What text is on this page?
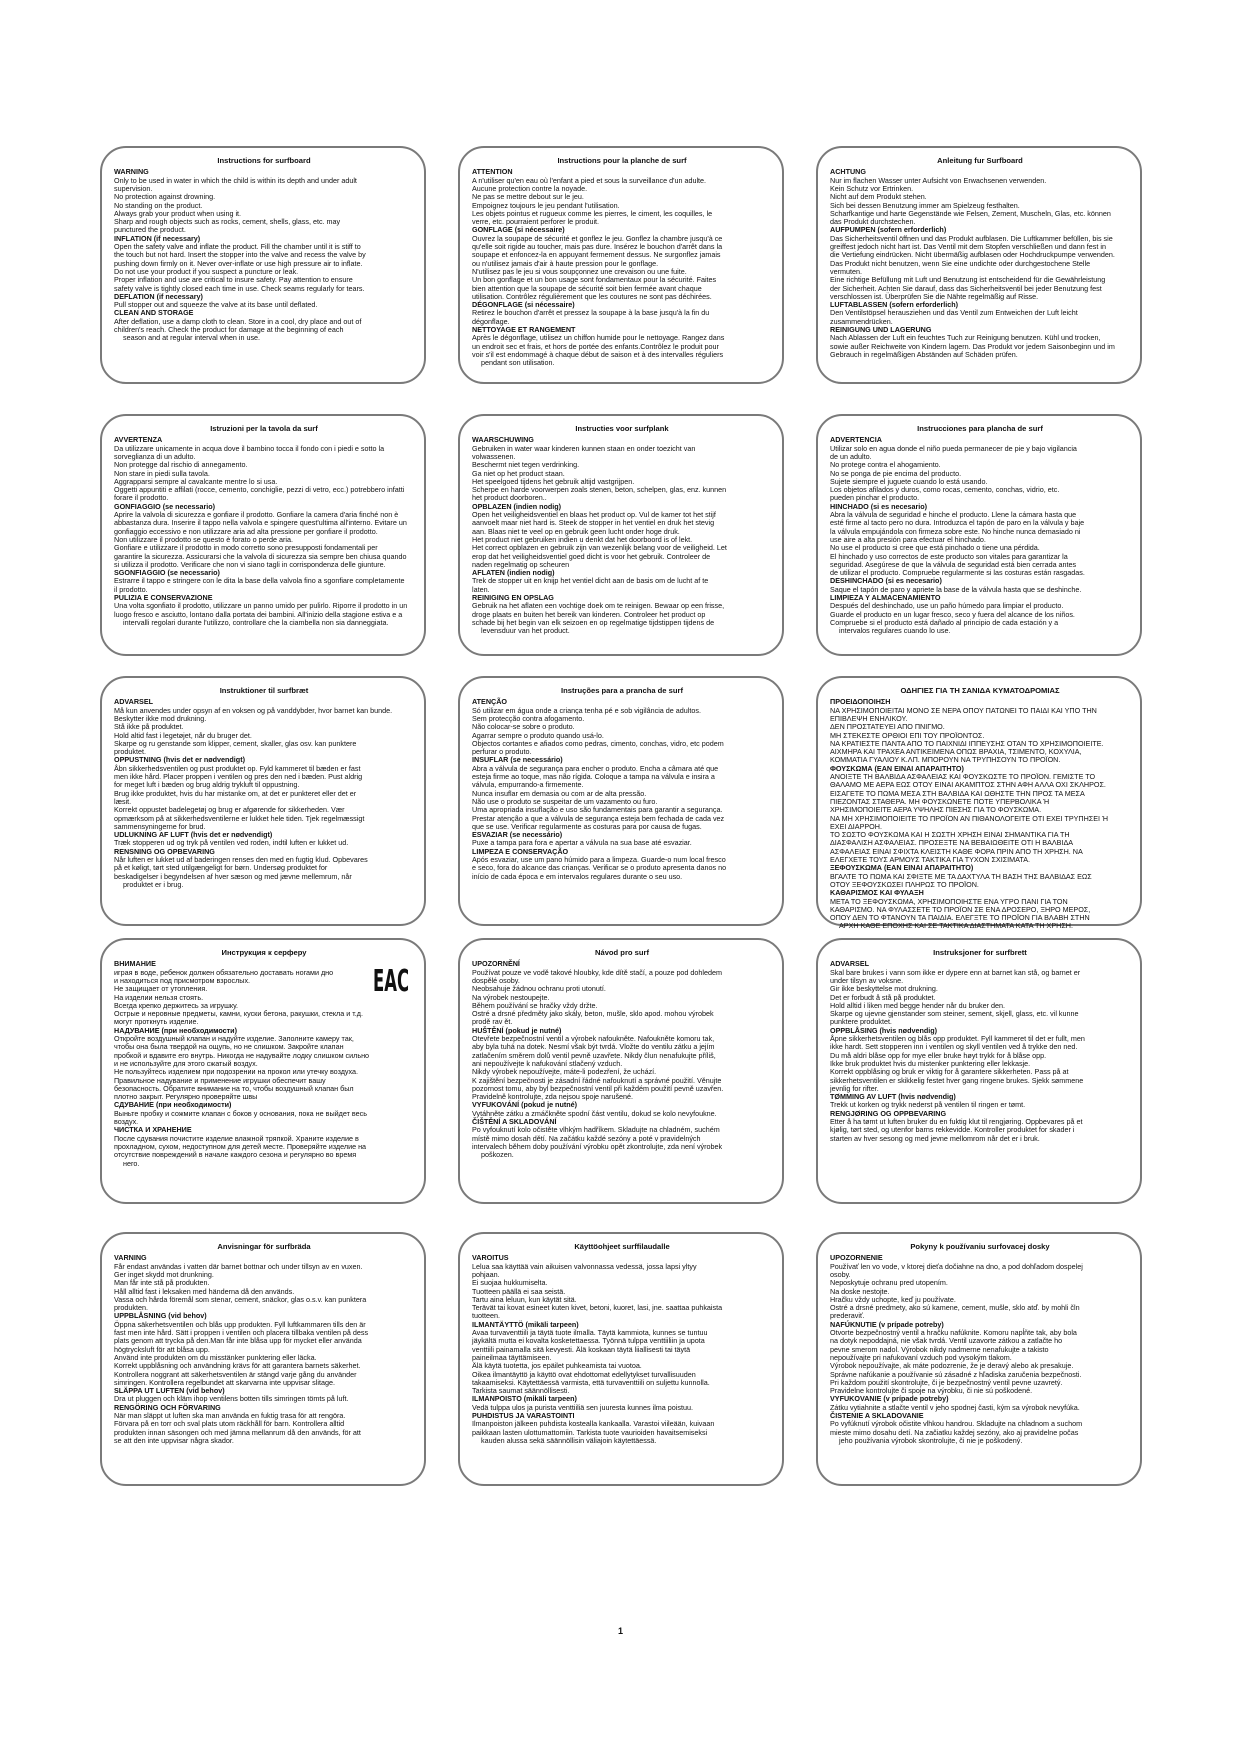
Instructions for surfboard
WARNING
Only to be used in water in which the child is within its depth and under adult
supervision.
No protection against drowning.
No standing on the product.
Always grab your product when using it.
Sharp and rough objects such as rocks, cement, shells, glass, etc. may
punctured the product.
INFLATION (if necessary)
Open the safety valve and inflate the product. Fill the chamber until it is stiff to
the touch but not hard. Insert the stopper into the valve and recess the valve by
pushing down firmly on it. Never over-inflate or use high pressure air to inflate.
Do not use your product if you suspect a puncture or leak.
Proper inflation and use are critical to insure safety. Pay attention to ensure
safety valve is tightly closed each time in use. Check seams regularly for tears.
DEFLATION (if necessary)
Pull stopper out and squeeze the valve at its base until deflated.
CLEAN AND STORAGE
After deflation, use a damp cloth to clean. Store in a cool, dry place and out of
children's reach. Check the product for damage at the beginning of each
season and at regular interval when in use.
Instructions pour la planche de surf
ATTENTION
A n'utiliser qu'en eau où l'enfant a pied et sous la surveillance d'un adulte.
Aucune protection contre la noyade.
Ne pas se mettre debout sur le jeu.
Empoignez toujours le jeu pendant l'utilisation.
Les objets pointus et rugueux comme les pierres, le ciment, les coquilles, le
verre, etc. pourraient perforer le produit.
GONFLAGE (si nécessaire)
Ouvrez la soupape de sécurité et gonflez le jeu. Gonflez la chambre jusqu'à ce
qu'elle soit rigide au toucher, mais pas dure. Insérez le bouchon d'arrêt dans la
soupape et enfoncez-la en appuyant fermement dessus. Ne surgonflez jamais
ou n'utilisez jamais d'air à haute pression pour le gonflage.
N'utilisez pas le jeu si vous soupçonnez une crevaison ou une fuite.
Un bon gonflage et un bon usage sont fondamentaux pour la sécurité. Faites
bien attention que la soupape de sécurité soit bien fermée avant chaque
utilisation. Contrôlez régulièrement que les coutures ne sont pas déchirées.
DÉGONFLAGE (si nécessaire)
Retirez le bouchon d'arrêt et pressez la soupape à la base jusqu'à la fin du
dégonflage.
NETTOYAGE ET RANGEMENT
Après le dégonflage, utilisez un chiffon humide pour le nettoyage. Rangez dans
un endroit sec et frais, et hors de portée des enfants.Contrôlez le produit pour
voir s'il est endommagé à chaque début de saison et à des intervalles réguliers
pendant son utilisation.
Anleitung fur Surfboard
ACHTUNG
Nur im flachen Wasser unter Aufsicht von Erwachsenen verwenden.
Kein Schutz vor Ertrinken.
Nicht auf dem Produkt stehen.
Sich bei dessen Benutzung immer am Spielzeug festhalten.
Scharfkantige und harte Gegenstände wie Felsen, Zement, Muscheln, Glas, etc. können
das Produkt durchstechen.
AUFPUMPEN (sofern erforderlich)
Das Sicherheitsventil öffnen und das Produkt aufblasen. Die Luftkammer befüllen, bis sie
greiffest jedoch nicht hart ist. Das Ventil mit dem Stopfen verschließen und dann fest in
die Vertiefung eindrücken. Nicht übermäßig aufblasen oder Hochdruckpumpe verwenden.
Das Produkt nicht benutzen, wenn Sie eine undichte oder durchgestochene Stelle
vermuten.
Eine richtige Befüllung mit Luft und Benutzung ist entscheidend für die Gewährleistung
der Sicherheit. Achten Sie darauf, dass das Sicherheitsventil bei jeder Benutzung fest
verschlossen ist. Überprüfen Sie die Nähte regelmäßig auf Risse.
LUFTABLASSEN (sofern erforderlich)
Den Ventilstöpsel herausziehen und das Ventil zum Entweichen der Luft leicht
zusammendrücken.
REINIGUNG UND LAGERUNG
Nach Ablassen der Luft ein feuchtes Tuch zur Reinigung benutzen. Kühl und trocken,
sowie außer Reichweite von Kindern lagern. Das Produkt vor jedem Saisonbeginn und im
Gebrauch in regelmäßigen Abständen auf Schäden prüfen.
Istruzioni per la tavola da surf
AVVERTENZA
Da utilizzare unicamente in acqua dove il bambino tocca il fondo con i piedi e sotto la
sorveglianza di un adulto.
Non protegge dal rischio di annegamento.
Non stare in piedi sulla tavola.
Aggrapparsi sempre al cavalcante mentre lo si usa.
Oggetti appuntiti e affilati (rocce, cemento, conchiglie, pezzi di vetro, ecc.) potrebbero infatti
forare il prodotto.
GONFIAGGIO (se necessario)
Aprire la valvola di sicurezza e gonfiare il prodotto. Gonfiare la camera d'aria finché non è
abbastanza dura. Inserire il tappo nella valvola e spingere quest'ultima all'interno. Evitare un
gonfiaggio eccessivo e non utilizzare aria ad alta pressione per gonfiare il prodotto.
Non utilizzare il prodotto se questo è forato o perde aria.
Gonfiare e utilizzare il prodotto in modo corretto sono presupposti fondamentali per
garantire la sicurezza. Assicurarsi che la valvola di sicurezza sia sempre ben chiusa quando
si utilizza il prodotto. Verificare che non vi siano tagli in corrispondenza delle giunture.
SGONFIAGGIO (se necessario)
Estrarre il tappo e stringere con le dita la base della valvola fino a sgonfiare completamente
il prodotto.
PULIZIA E CONSERVAZIONE
Una volta sgonfiato il prodotto, utilizzare un panno umido per pulirlo. Riporre il prodotto in un
luogo fresco e asciutto, lontano dalla portata dei bambini. All'inizio della stagione estiva e a
intervalli regolari durante l'utilizzo, controllare che la ciambella non sia danneggiata.
Instructies voor surfplank
WAARSCHUWING
Gebruiken in water waar kinderen kunnen staan en onder toezicht van
volwassenen.
Beschermt niet tegen verdrinking.
Ga niet op het product staan.
Het speelgoed tijdens het gebruik altijd vastgrijpen.
Scherpe en harde voorwerpen zoals stenen, beton, schelpen, glas, enz. kunnen
het product doorboren..
OPBLAZEN (indien nodig)
Open het veiligheidsventiel en blaas het product op. Vul de kamer tot het stijf
aanvoelt maar niet hard is. Steek de stopper in het ventiel en druk het stevig
aan. Blaas niet te veel op en gebruik geen lucht onder hoge druk.
Het product niet gebruiken indien u denkt dat het doorboord is of lekt.
Het correct opblazen en gebruik zijn van wezenlijk belang voor de veiligheid. Let
erop dat het veiligheidsventiel goed dicht is voor het gebruik. Controleer de
naden regelmatig op scheuren
AFLATEN (indien nodig)
Trek de stopper uit en knijp het ventiel dicht aan de basis om de lucht af te
laten.
REINIGING EN OPSLAG
Gebruik na het aflaten een vochtige doek om te reinigen. Bewaar op een frisse,
droge plaats en buiten het bereik van kinderen. Controleer het product op
schade bij het begin van elk seizoen en op regelmatige tijdstippen tijdens de
levensduur van het product.
Instrucciones para plancha de surf
ADVERTENCIA
Utilizar solo en agua donde el niño pueda permanecer de pie y bajo vigilancia
de un adulto.
No protege contra el ahogamiento.
No se ponga de pie encima del producto.
Sujete siempre el juguete cuando lo está usando.
Los objetos afilados y duros, como rocas, cemento, conchas, vidrio, etc.
pueden pinchar el producto.
HINCHADO (si es necesario)
Abra la válvula de seguridad e hinche el producto. Llene la cámara hasta que
esté firme al tacto pero no dura. Introduzca el tapón de paro en la válvula y baje
la válvula empujándola con firmeza sobre este. No hinche nunca demasiado ni
use aire a alta presión para efectuar el hinchado.
No use el producto si cree que está pinchado o tiene una pérdida.
El hinchado y uso correctos de este producto son vitales para garantizar la
seguridad. Asegúrese de que la válvula de seguridad está bien cerrada antes
de utilizar el producto. Compruebe regularmente si las costuras están rasgadas.
DESHINCHADO (si es necesario)
Saque el tapón de paro y apriete la base de la válvula hasta que se deshinche.
LIMPIEZA Y ALMACENAMIENTO
Después del deshinchado, use un paño húmedo para limpiar el producto.
Guarde el producto en un lugar fresco, seco y fuera del alcance de los niños.
Compruebe si el producto está dañado al principio de cada estación y a
intervalos regulares cuando lo use.
Instruktioner til surfbræt
ADVARSEL
Må kun anvendes under opsyn af en voksen og på vanddybder, hvor barnet kan bunde.
Beskytter ikke mod drukning.
Stå ikke på produktet.
Hold altid fast i legetøjet, når du bruger det.
Skarpe og ru genstande som klipper, cement, skaller, glas osv. kan punktere
produktet.
OPPUSTNING (hvis det er nødvendigt)
Åbn sikkerhedsventilen og pust produktet op. Fyld kammeret til bæden er fast
men ikke hård. Placer proppen i ventilen og pres den ned i bæden. Pust aldrig
for meget luft i bæden og brug aldrig trykluft til oppustning.
Brug ikke produktet, hvis du har mistanke om, at det er punkteret eller det er
læsit.
Korrekt oppustet badelegetøj og brug er afgørende for sikkerheden. Vær
opmærksom på at sikkerhedsventilerne er lukket hele tiden. Tjek regelmæssigt
sammensyningerne for brud.
UDLUKNING AF LUFT (hvis det er nødvendigt)
Træk stopperen ud og tryk på ventilen ved roden, indtil luften er lukket ud.
RENSNING OG OPBEVARING
Når luften er lukket ud af baderingen renses den med en fugtig klud. Opbevares
på et køligt, tørt sted utilgængeligt for børn. Undersøg produktet for
beskadigelser i begyndelsen af hver sæson og med jævne mellemrum, når
produktet er i brug.
Instruções para a prancha de surf
ATENÇÃO
Só utilizar em água onde a criança tenha pé e sob vigilância de adultos.
Sem protecção contra afogamento.
Não colocar-se sobre o produto.
Agarrar sempre o produto quando usá-lo.
Objectos cortantes e afiados como pedras, cimento, conchas, vidro, etc podem
perfurar o produto.
INSUFLAR (se necessário)
Abra a válvula de segurança para encher o produto. Encha a câmara até que
esteja firme ao toque, mas não rígida. Coloque a tampa na válvula e insira a
válvula, empurrando-a firmemente.
Nunca insuflar em demasia ou com ar de alta pressão.
Não use o produto se suspeitar de um vazamento ou furo.
Uma apropriada insuflação e uso são fundamentais para garantir a segurança.
Prestar atenção a que a válvula de segurança esteja bem fechada de cada vez
que se use. Verificar regularmente as costuras para por causa de fugas.
ESVAZIAR (se necessário)
Puxe a tampa para fora e apertar a válvula na sua base até esvaziar.
LIMPEZA E CONSERVAÇÃO
Após esvaziar, use um pano húmido para a limpeza. Guarde-o num local fresco
e seco, fora do alcance das crianças. Verificar se o produto apresenta danos no
início de cada época e em intervalos regulares durante o seu uso.
ΟΔΗΓΙΕΣ ΓΙΑ ΤΗ ΣΑΝΙΔΑ ΚΥΜΑΤΟΔΡΟΜΙΑΣ
ΠΡΟΕΙΔΟΠΟΙΗΣΗ
ΝΑ ΧΡΗΣΙΜΟΠΟΙΕΙΤΑΙ ΜΟΝΟ ΣΕ ΝΕΡΑ ΟΠΟΥ ΠΑΤΩΝΕΙ ΤΟ ΠΑΙΔΙ ΚΑΙ ΥΠΟ ΤΗΝ
ΕΠΙΒΛΕΨΗ ΕΝΗΛΙΚΟΥ.
ΔΕΝ ΠΡΟΣΤΑΤΕΥΕΙ ΑΠΟ ΠΝΙΓΜΟ.
ΜΗ ΣΤΕΚΕΣΤΕ ΟΡΘΙΟΙ ΕΠΙ ΤΟΥ ΠΡΟΪΟΝΤΟΣ.
ΝΑ ΚΡΑΤΙΕΣΤΕ ΠΑΝΤΑ ΑΠΟ ΤΟ ΠΑΙΧΝΙΔΙ ΙΠΠΕΥΣΗΣ ΟΤΑΝ ΤΟ ΧΡΗΣΙΜΟΠΟΙΕΙΤΕ.
ΑΙΧΜΗΡΑ ΚΑΙ ΤΡΑΧΕΑ ΑΝΤΙΚΕΙΜΕΝΑ ΟΠΩΣ ΒΡΑΧΙΑ, ΤΣΙΜΕΝΤΟ, ΚΟΧΥΛΙΑ,
ΚΟΜΜΑΤΙΑ ΓΥΑΛΙΟΥ Κ.ΛΠ. ΜΠΟΡΟΥΝ ΝΑ ΤΡΥΠΗΣΟΥΝ ΤΟ ΠΡΟΪΟΝ.
ΦΟΥΣΚΩΜΑ (ΕΑΝ ΕΙΝΑΙ ΑΠΑΡΑΙΤΗΤΟ)
ΑΝΟΙΞΤΕ ΤΗ ΒΑΛΒΙΔΑ ΑΣΦΑΛΕΙΑΣ ΚΑΙ ΦΟΥΣΚΩΣΤΕ ΤΟ ΠΡΟΪΟΝ. ΓΕΜΙΣΤΕ ΤΟ
ΘΑΛΑΜΟ ΜΕ ΑΕΡΑ ΕΩΣ ΟΤΟΥ ΕΙΝΑΙ ΑΚΑΜΠΤΟΣ ΣΤΗΝ ΑΦΗ ΑΛΛΑ ΟΧΙ ΣΚΛΗΡΟΣ.
ΕΙΣΑΓΕΤΕ ΤΟ ΠΩΜΑ ΜΕΣΑ ΣΤΗ ΒΑΛΒΙΔΑ ΚΑΙ ΩΘΗΣΤΕ ΤΗΝ ΠΡΟΣ ΤΑ ΜΕΣΑ
ΠΙΕΖΟΝΤΑΣ ΣΤΑΘΕΡΑ. ΜΗ ΦΟΥΣΚΩΝΕΤΕ ΠΟΤΕ ΥΠΕΡΒΟΛΙΚΑ Ή
ΧΡΗΣΙΜΟΠΟΙΕΙΤΕ ΑΕΡΑ ΥΨΗΛΗΣ ΠΙΕΣΗΣ ΓΙΑ ΤΟ ΦΟΥΣΚΩΜΑ.
ΝΑ ΜΗ ΧΡΗΣΙΜΟΠΟΙΕΙΤΕ ΤΟ ΠΡΟΪΟΝ ΑΝ ΠΙΘΑΝΟΛΟΓΕΙΤΕ ΟΤΙ ΕΧΕΙ ΤΡΥΠΗΣΕΙ Ή
ΕΧΕΙ ΔΙΑΡΡΟΗ.
ΤΟ ΣΩΣΤΟ ΦΟΥΣΚΩΜΑ ΚΑΙ Η ΣΩΣΤΗ ΧΡΗΣΗ ΕΙΝΑΙ ΣΗΜΑΝΤΙΚΑ ΓΙΑ ΤΗ
ΔΙΑΣΦΑΛΙΣΗ ΑΣΦΑΛΕΙΑΣ. ΠΡΟΣΕΞΤΕ ΝΑ ΒΕΒΑΙΩΘΕΙΤΕ ΟΤΙ Η ΒΑΛΒΙΔΑ
ΑΣΦΑΛΕΙΑΣ ΕΙΝΑΙ ΣΦΙΧΤΑ ΚΛΕΙΣΤΗ ΚΑΘΕ ΦΟΡΑ ΠΡΙΝ ΑΠΟ ΤΗ ΧΡΗΣΗ. ΝΑ
ΕΛΕΓΧΕΤΕ ΤΟΥΣ ΑΡΜΟΥΣ ΤΑΚΤΙΚΑ ΓΙΑ ΤΥΧΟΝ ΣΧΙΣΙΜΑΤΑ.
ΞΕΦΟΥΣΚΩΜΑ (ΕΑΝ ΕΙΝΑΙ ΑΠΑΡΑΙΤΗΤΟ)
ΒΓΑΛΤΕ ΤΟ ΠΩΜΑ ΚΑΙ ΣΦΙΞΤΕ ΜΕ ΤΑ ΔΑΧΤΥΛΑ ΤΗ ΒΑΣΗ ΤΗΣ ΒΑΛΒΙΔΑΣ ΕΩΣ
ΟΤΟΥ ΞΕΦΟΥΣΚΩΣΕΙ ΠΛΗΡΩΣ ΤΟ ΠΡΟΪΟΝ.
ΚΑΘΑΡΙΣΜΟΣ ΚΑΙ ΦΥΛΑΞΗ
ΜΕΤΑ ΤΟ ΞΕΦΟΥΣΚΩΜΑ, ΧΡΗΣΙΜΟΠΟΙΗΣΤΕ ΕΝΑ ΥΓΡΟ ΠΑΝΙ ΓΙΑ ΤΟΝ
ΚΑΘΑΡΙΣΜΟ. ΝΑ ΦΥΛΑΣΣΕΤΕ ΤΟ ΠΡΟΪΟΝ ΣΕ ΕΝΑ ΔΡΟΣΕΡΟ, ΞΗΡΟ ΜΕΡΟΣ,
ΟΠΟΥ ΔΕΝ ΤΟ ΦΤΑΝΟΥΝ ΤΑ ΠΑΙΔΙΑ. ΕΛΕΓΞΤΕ ΤΟ ΠΡΟΪΟΝ ΓΙΑ ΒΛΑΒΗ ΣΤΗΝ
ΑΡΧΗ ΚΑΘΕ ΕΠΟΧΗΣ ΚΑΙ ΣΕ ΤΑΚΤΙΚΑ ΔΙΑΣΤΗΜΑΤΑ ΚΑΤΑ ΤΗ ΧΡΗΣΗ.
Инструкция к серферу
ВНИМАНИЕ
играя в воде, ребенок должен обязательно доставать ногами дно
и находиться под присмотром взрослых.
Не защищает от утопления.
На изделии нельзя стоять.
Всегда крепко держитесь за игрушку.
Острые и неровные предметы, камни, куски бетона, ракушки, стекла и т.д.
могут проткнуть изделие.
НАДУВАНИЕ (при необходимости)
Откройте воздушный клапан и надуйте изделие. Заполните камеру так,
чтобы она была твердой на ощупь, но не слишком. Закройте клапан
пробкой и вдавите его внутрь. Никогда не надувайте лодку слишком сильно
и не используйте для этого сжатый воздух.
Не пользуйтесь изделием при подозрении на прокол или утечку воздуха.
Правильное надувание и применение игрушки обеспечит вашу
безопасность. Обратите внимание на то, чтобы воздушный клапан был
плотно закрыт. Регулярно проверяйте швы
СДУВАНИЕ (при необходимости)
Выньте пробку и сожмите клапан с боков у основания, пока не выйдет весь
воздух.
ЧИСТКА И ХРАНЕНИЕ
После сдувания почистите изделие влажной тряпкой. Храните изделие в
прохладном, сухом, недоступном для детей месте. Проверяйте изделие на
отсутствие повреждений в начале каждого сезона и регулярно во время
него.
EAC
Návod pro surf
UPOZORNĚNÍ
Používat pouze ve vodě takové hloubky, kde dítě stačí, a pouze pod dohledem
dospělé osoby.
Neobsahuje žádnou ochranu proti utonutí.
Na výrobek nestoupejte.
Během používání se hračky vždy držte.
Ostré a drsné předměty jako skály, beton, mušle, sklo apod. mohou výrobek
prodě rav ět.
HUŠTĚNÍ (pokud je nutné)
Otevřete bezpečnostní ventil a výrobek nafoukněte. Nafoukněte komoru tak,
aby byla tuhá na dotek. Nesmí však být tvrdá. Vložte do ventilu zátku a jejím
zatlačením směrem dolů ventil pevně uzavřete. Nikdy člun nenafukujte příliš,
ani nepoužívejte k nafukování stlačený vzduch.
Nikdy výrobek nepoužívejte, máte-li podezření, že uchází.
K zajištění bezpečnosti je zásadní řádné nafouknutí a správné použití. Věnujte
pozornost tomu, aby byl bezpečnostní ventil při každém použití pevně uzavřen.
Pravidelně kontrolujte, zda nejsou spoje narušené.
VYFUKOVÁNÍ (pokud je nutné)
Vytáhněte zátku a zmáčkněte spodní část ventilu, dokud se kolo nevyfoukne.
ČIŠTĚNÍ A SKLADOVÁNÍ
Po vyfouknutí kolo očistěte vlhkým hadříkem. Skladujte na chladném, suchém
místě mimo dosah dětí. Na začátku každé sezóny a poté v pravidelných
intervalech během doby používání výrobku opět zkontrolujte, zda není výrobek
poškozen.
Instruksjoner for surfbrett
ADVARSEL
Skal bare brukes i vann som ikke er dypere enn at barnet kan stå, og barnet er
under tilsyn av voksne.
Gir ikke beskyttelse mot drukning.
Det er forbudt å stå på produktet.
Hold alltid i liken med begge hender når du bruker den.
Skarpe og ujevne gjenstander som steiner, sement, skjell, glass, etc. vil kunne
punktere produktet.
OPPBLÅSING (hvis nødvendig)
Åpne sikkerhetsventilen og blås opp produktet. Fyll kammeret til det er fullt, men
ikke hardt. Sett stopperen inn i ventilen og skyll ventilen ved å trykke den ned.
Du må aldri blåse opp for mye eller bruke høyt trykk for å blåse opp.
Ikke bruk produktet hvis du mistenker punktering eller lekkasje.
Korrekt oppblåsing og bruk er viktig for å garantere sikkerheten. Pass på at
sikkerhetsventilen er skikkelig festet hver gang ringene brukes. Sjekk sømmene
jevnlig for rifter.
TØMMING AV LUFT (hvis nødvendig)
Trekk ut korken og trykk nederst på ventilen til ringen er tømt.
RENGJØRING OG OPPBEVARING
Etter å ha tømt ut luften bruker du en fuktig klut til rengjøring. Oppbevares på et
kjølig, tørt sted, og utenfor barns rekkevidde. Kontroller produktet for skader i
starten av hver sesong og med jevne mellomrom når det er i bruk.
Anvisningar för surfbräda
VARNING
Får endast användas i vatten där barnet bottnar och under tillsyn av en vuxen.
Ger inget skydd mot drunkning.
Man får inte stå på produkten.
Håll alltid fast i leksaken med händerna då den används.
Vassa och hårda föremål som stenar, cement, snäckor, glas o.s.v. kan punktera
produkten.
UPPBLÅSNING (vid behov)
Öppna säkerhetsventilen och blås upp produkten. Fyll luftkammaren tills den är
fast men inte hård. Sätt i proppen i ventilen och placera tillbaka ventilen på dess
plats genom att trycka på den.Man får inte blåsa upp för mycket eller använda
högtrycksluft för att blåsa upp.
Använd inte produkten om du misstänker punktering eller läcka.
Korrekt uppblåsning och användning krävs för att garantera barnets säkerhet.
Kontrollera noggrant att säkerhetsventilen är stängd varje gång du använder
simringen. Kontrollera regelbundet att skarvarna inte uppvisar slitage.
SLÄPPA UT LUFTEN (vid behov)
Dra ut pluggen och kläm ihop ventilens botten tills simringen tömts på luft.
RENGÖRING OCH FÖRVARING
När man släppt ut luften ska man använda en fuktig trasa för att rengöra.
Förvara på en torr och sval plats utom räckhåll för barn. Kontrollera alltid
produkten innan säsongen och med jämna mellanrum då den används, för att
se att den inte uppvisar några skador.
Käyttöohjeet surffilaudalle
VAROITUS
Lelua saa käyttää vain aikuisen valvonnassa vedessä, jossa lapsi yltyy
pohjaan.
Ei suojaa hukkumiselta.
Tuotteen päällä ei saa seistä.
Tartu aina leluun, kun käytät sitä.
Terävät tai kovat esineet kuten kivet, betoni, kuoret, lasi, jne. saattaa puhkaista
tuotteen.
ILMANTÄYTTÖ (mikäli tarpeen)
Avaa turvaventtiili ja täytä tuote ilmalla. Täytä kammiota, kunnes se tuntuu
jäykältä mutta ei kovalta kosketettaessa. Työnnä tulppa venttiiliin ja upota
venttiili painamalla sitä kevyesti. Älä koskaan täytä liiallisesti tai täytä
paineilmaa täyttämiseen.
Älä käytä tuotetta, jos epäilet puhkeamista tai vuotoa.
Oikea ilmantäyttö ja käyttö ovat ehdottomat edellytykset turvallisuuden
takaamiseksi. Käytettäessä varmista, että turvaventtiili on suljettu kunnolla.
Tarkista saumat säännöllisesti.
ILMANPOISTO (mikäli tarpeen)
Vedä tulppa ulos ja purista venttiiliä sen juuresta kunnes ilma poistuu.
PUHDISTUS JA VARASTOINTI
Ilmanpoiston jälkeen puhdista kostealla kankaalla. Varastoi viileään, kuivaan
paikkaan lasten ulottumattomiin. Tarkista tuote vaurioiden havaitsemiseksi
kauden alussa sekä säännöllisin väliajoin käytettäessä.
Pokyny k používaniu surfovacej dosky
UPOZORNENIE
Používať len vo vode, v ktorej dieťa dočiahne na dno, a pod dohľadom dospelej
osoby.
Neposkytuje ochranu pred utopením.
Na doske nestojte.
Hračku vždy uchopte, keď ju používate.
Ostré a drsné predmety, ako sú kamene, cement, mušle, sklo atď. by mohli čln
prederaviť.
NAFÚKNUTIE (v prípade potreby)
Otvorte bezpečnostný ventil a hračku nafúknite. Komoru napĺňte tak, aby bola
na dotyk nepoddajná, nie však tvrdá. Ventil uzavorte zátkou a zatlačte ho
pevne smerom nadol. Výrobok nikdy nadmerne nenafukujte a takisto
nepoužívajte pri nafukovaní vzduch pod vysokým tlakom.
Výrobok nepoužívajte, ak máte podozrenie, že je deravý alebo ak presakuje.
Správne nafúkanie a používanie sú zásadné z hľadiska zaručenia bezpečnosti.
Pri každom použití skontrolujte, či je bezpečnostný ventil pevne uzavretý.
Pravidelne kontrolujte či spoje na výrobku, či nie sú poškodené.
VYFUKOVANIE (v prípade potreby)
Zátku vytiahnite a stlačte ventil v jeho spodnej časti, kým sa výrobok nevyfúka.
ČISTENIE A SKLADOVANIE
Po vyfúknutí výrobok očistite vlhkou handrou. Skladujte na chladnom a suchom
mieste mimo dosahu detí. Na začiatku každej sezóny, ako aj pravidelne počas
jeho používania výrobok skontrolujte, či nie je poškodený.
1
